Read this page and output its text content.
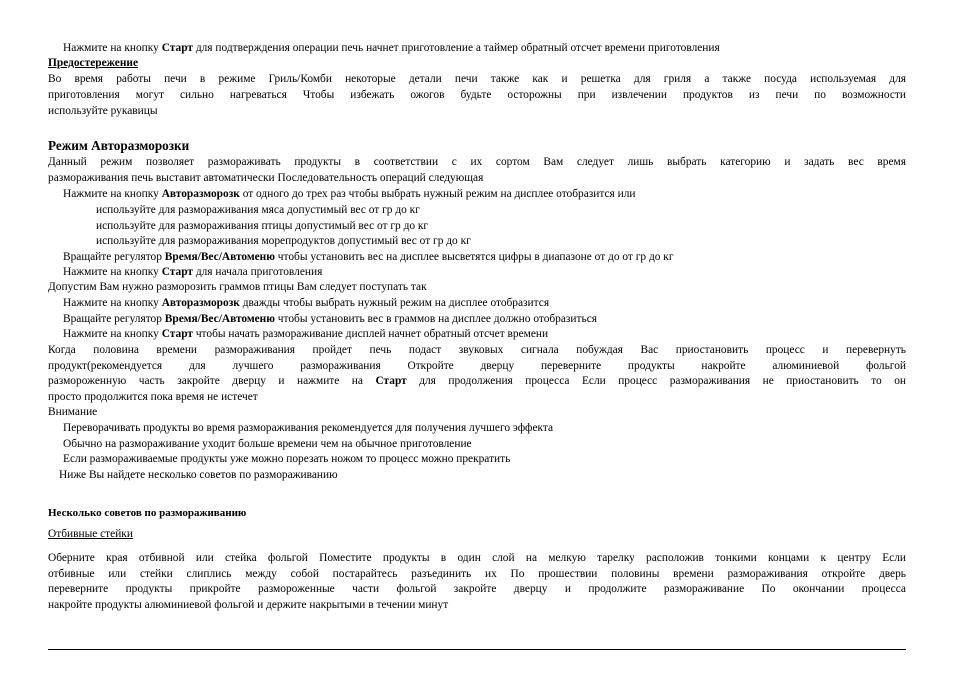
Нажмите на кнопку Старт для подтверждения операции печь начнет приготовление а таймер обратный отсчет времени приготовления
Предостережение
Во время работы печи в режиме Гриль/Комби некоторые детали печи также как и решетка для гриля а также посуда используемая для
приготовления могут сильно нагреваться Чтобы избежать ожогов будьте осторожны при извлечении продуктов из печи по возможности
используйте рукавицы
Режим Авторазморозки
Данный режим позволяет размораживать продукты в соответствии с их сортом Вам следует лишь выбрать категорию и задать вес время
размораживания печь выставит автоматически Последовательность операций следующая
Нажмите на кнопку Авторазморозк от одного до трех раз чтобы выбрать нужный режим на дисплее отобразится или
используйте для размораживания мяса допустимый вес от гр до кг
используйте для размораживания птицы допустимый вес от гр до кг
используйте для размораживания морепродуктов допустимый вес от гр до кг
Вращайте регулятор Время/Вес/Автоменю чтобы установить вес на дисплее высветятся цифры в диапазоне от до от гр до кг
Нажмите на кнопку Старт для начала приготовления
Допустим Вам нужно разморозить граммов птицы Вам следует поступать так
Нажмите на кнопку Авторазморозк дважды чтобы выбрать нужный режим на дисплее отобразится
Вращайте регулятор Время/Вес/Автоменю чтобы установить вес в граммов на дисплее должно отобразиться
Нажмите на кнопку Старт чтобы начать размораживание дисплей начнет обратный отсчет времени
Когда половина времени размораживания пройдет печь подаст звуковых сигнала побуждая Вас приостановить процесс и перевернуть
продукт(рекомендуется для лучшего размораживания Откройте дверцу переверните продукты накройте алюминиевой фольгой
размороженную часть закройте дверцу и нажмите на Старт для продолжения процесса Если процесс размораживания не приостановить то он
просто продолжится пока время не истечет
Внимание
Переворачивать продукты во время размораживания рекомендуется для получения лучшего эффекта
Обычно на размораживание уходит больше времени чем на обычное приготовление
Если размораживаемые продукты уже можно порезать ножом то процесс можно прекратить
Ниже Вы найдете несколько советов по размораживанию
Несколько советов по размораживанию
Отбивные стейки
Оберните края отбивной или стейка фольгой Поместите продукты в один слой на мелкую тарелку расположив тонкими концами к центру Если
отбивные или стейки слиплись между собой постарайтесь разъединить их По прошествии половины времени размораживания откройте дверь
переверните продукты прикройте размороженные части фольгой закройте дверцу и продолжите размораживание По окончании процесса
накройте продукты алюминиевой фольгой и держите накрытыми в течении минут
